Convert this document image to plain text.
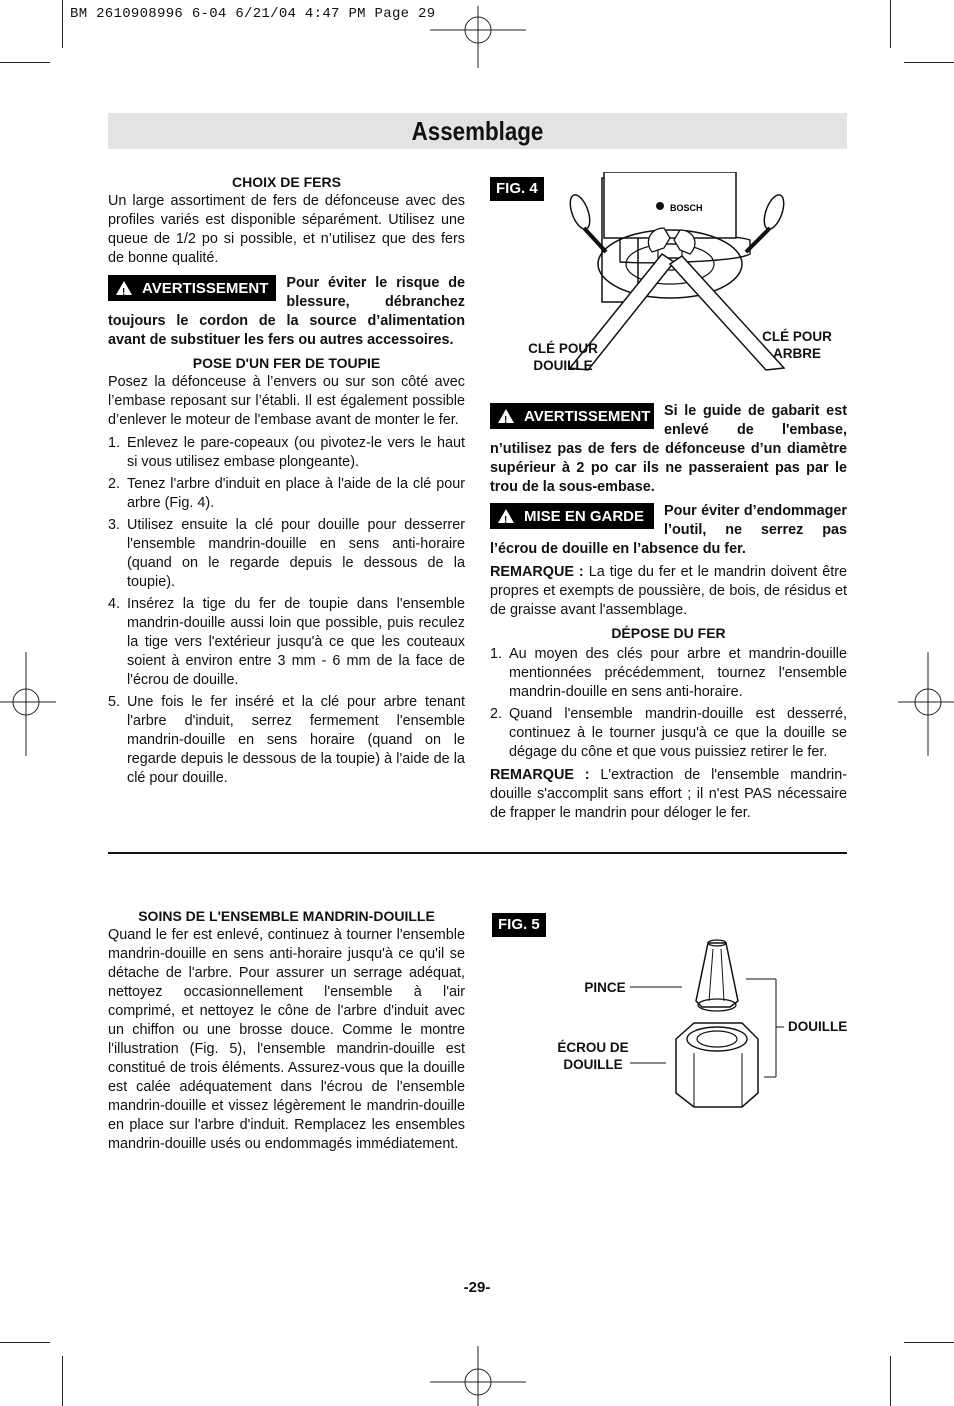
BM 2610908996 6-04 6/21/04 4:47 PM Page 29
Assemblage

CHOIX DE FERS

Un large assortiment de fers de défonceuse avec des profiles variés est disponible séparément. Utilisez une queue de 1/2 po si possible, et n’utilisez que des fers de bonne qualité.

!
AVERTISSEMENT	Pour éviter le risque de blessure, débranchez toujours le cordon de la source d’alimentation avant de substituer les fers ou autres accessoires.

POSE D'UN FER DE TOUPIE

Posez la défonceuse à l’envers ou sur son côté avec l’embase reposant sur l’établi. Il est également possible d’enlever le moteur de l'embase avant de monter le fer.

1. Enlevez le pare-copeaux (ou pivotez-le vers le haut si vous utilisez embase plongeante).
2. Tenez l'arbre d'induit en place à l'aide de la clé pour arbre (Fig. 4).
3. Utilisez ensuite la clé pour douille pour desserrer l'ensemble mandrin-douille en sens anti-horaire (quand on le regarde depuis le dessous de la toupie).
4. Insérez la tige du fer de toupie dans l'ensemble mandrin-douille aussi loin que possible, puis reculez la tige vers l'extérieur jusqu'à ce que les couteaux soient à environ entre 3 mm - 6 mm de la face de l'écrou de douille.
5. Une fois le fer inséré et la clé pour arbre tenant l'arbre d'induit, serrez fermement l'ensemble mandrin-douille en sens horaire (quand on le regarde depuis le dessous de la toupie) à l'aide de la clé pour douille.
FIG. 4
BOSCH
CLÉ POUR DOUILLE
CLÉ POUR ARBRE
!
AVERTISSEMENT Si le guide de gabarit est enlevé de l'embase, n’utilisez pas de fers de défonceuse d’un diamètre supérieur à 2 po car ils ne passeraient pas par le trou de la sous-embase.

!
MISE EN GARDE	Pour éviter d’endommager l’outil, ne serrez pas l’écrou de douille en l’absence du fer.

REMARQUE : La tige du fer et le mandrin doivent être propres et exempts de poussière, de bois, de résidus et de graisse avant l'assemblage.

DÉPOSE DU FER

1. Au moyen des clés pour arbre et mandrin-douille mentionnées précédemment, tournez l'ensemble mandrin-douille en sens anti-horaire.
2. Quand l'ensemble mandrin-douille est desserré, continuez à le tourner jusqu'à ce que la douille se dégage du cône et que vous puissiez retirer le fer.

REMARQUE : L'extraction de l'ensemble mandrin-douille s'accomplit sans effort ; il n'est PAS nécessaire de frapper le mandrin pour déloger le fer.

SOINS DE L'ENSEMBLE MANDRIN-DOUILLE

Quand le fer est enlevé, continuez à tourner l'ensemble mandrin-douille en sens anti-horaire jusqu'à ce qu'il se détache de l'arbre. Pour assurer un serrage adéquat, nettoyez occasionnellement l'ensemble à l'air comprimé, et nettoyez le cône de l'arbre d'induit avec un chiffon ou une brosse douce. Comme le montre l'illustration (Fig. 5), l'ensemble mandrin-douille est constitué de trois éléments. Assurez-vous que la douille est calée adéquatement dans l'écrou de l'ensemble mandrin-douille et vissez légèrement le mandrin-douille en place sur l'arbre d'induit. Remplacez les ensembles mandrin-douille usés ou endommagés immédiatement.

FIG. 5
PINCE
ÉCROU DE DOUILLE
DOUILLE
-29-
